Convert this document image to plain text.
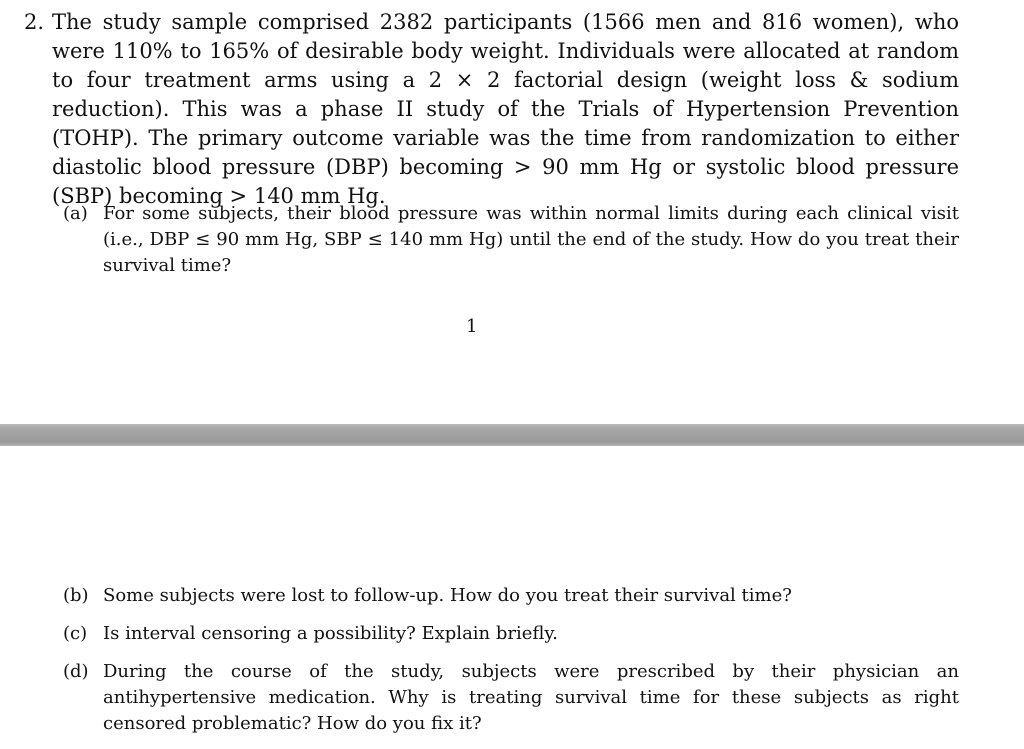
2. The study sample comprised 2382 participants (1566 men and 816 women), who were 110% to 165% of desirable body weight. Individuals were allocated at random to four treatment arms using a 2 × 2 factorial design (weight loss & sodium reduction). This was a phase II study of the Trials of Hypertension Prevention (TOHP). The primary outcome variable was the time from randomization to either diastolic blood pressure (DBP) becoming > 90 mm Hg or systolic blood pressure (SBP) becoming > 140 mm Hg.
(a) For some subjects, their blood pressure was within normal limits during each clinical visit (i.e., DBP ≤ 90 mm Hg, SBP ≤ 140 mm Hg) until the end of the study. How do you treat their survival time?
1
(b) Some subjects were lost to follow-up. How do you treat their survival time?
(c) Is interval censoring a possibility? Explain briefly.
(d) During the course of the study, subjects were prescribed by their physician an antihypertensive medication. Why is treating survival time for these subjects as right censored problematic? How do you fix it?
